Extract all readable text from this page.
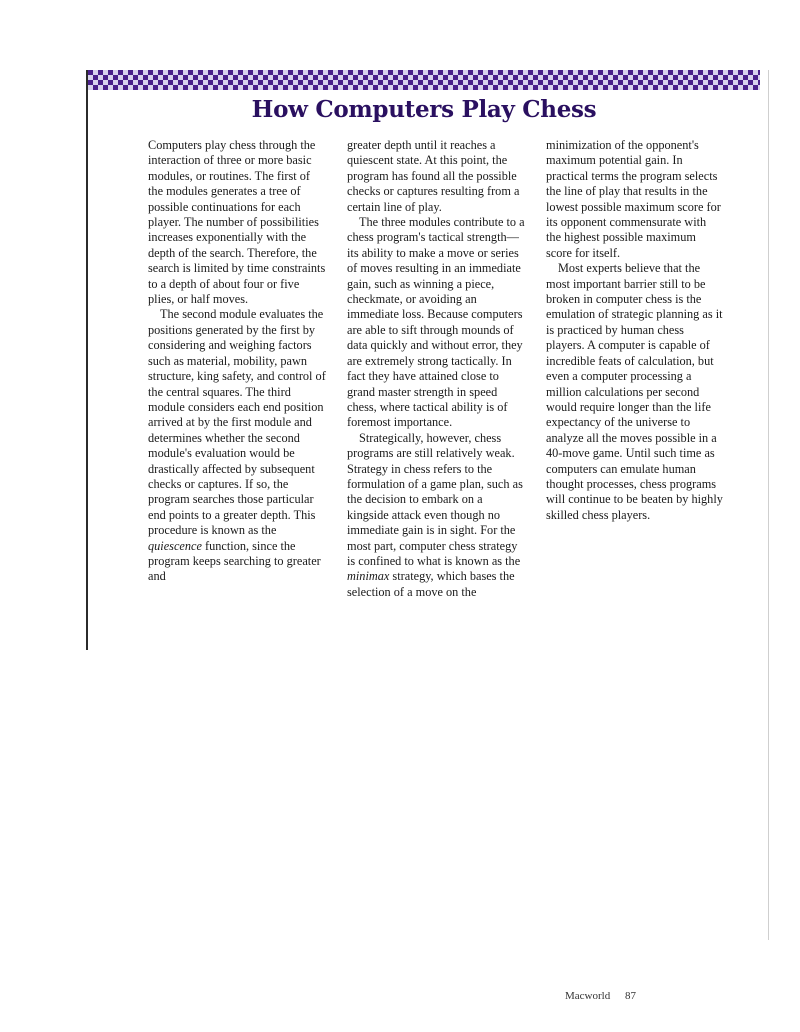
How Computers Play Chess

Computers play chess through the interaction of three or more basic modules, or routines. The first of the modules generates a tree of possible continuations for each player. The number of possibilities increases exponentially with the depth of the search. Therefore, the search is limited by time constraints to a depth of about four or five plies, or half moves.

The second module evaluates the positions generated by the first by considering and weighing factors such as material, mobility, pawn structure, king safety, and control of the central squares. The third module considers each end position arrived at by the first module and determines whether the second module's evaluation would be drastically affected by subsequent checks or captures. If so, the program searches those particular end points to a greater depth. This procedure is known as the quiescence function, since the program keeps searching to greater and

greater depth until it reaches a quiescent state. At this point, the program has found all the possible checks or captures resulting from a certain line of play.

The three modules contribute to a chess program's tactical strength—its ability to make a move or series of moves resulting in an immediate gain, such as winning a piece, checkmate, or avoiding an immediate loss. Because computers are able to sift through mounds of data quickly and without error, they are extremely strong tactically. In fact they have attained close to grand master strength in speed chess, where tactical ability is of foremost importance.

Strategically, however, chess programs are still relatively weak. Strategy in chess refers to the formulation of a game plan, such as the decision to embark on a kingside attack even though no immediate gain is in sight. For the most part, computer chess strategy is confined to what is known as the minimax strategy, which bases the selection of a move on the

minimization of the opponent's maximum potential gain. In practical terms the program selects the line of play that results in the lowest possible maximum score for its opponent commensurate with the highest possible maximum score for itself.

Most experts believe that the most important barrier still to be broken in computer chess is the emulation of strategic planning as it is practiced by human chess players. A computer is capable of incredible feats of calculation, but even a computer processing a million calculations per second would require longer than the life expectancy of the universe to analyze all the moves possible in a 40-move game. Until such time as computers can emulate human thought processes, chess programs will continue to be beaten by highly skilled chess players.

Macworld 87
